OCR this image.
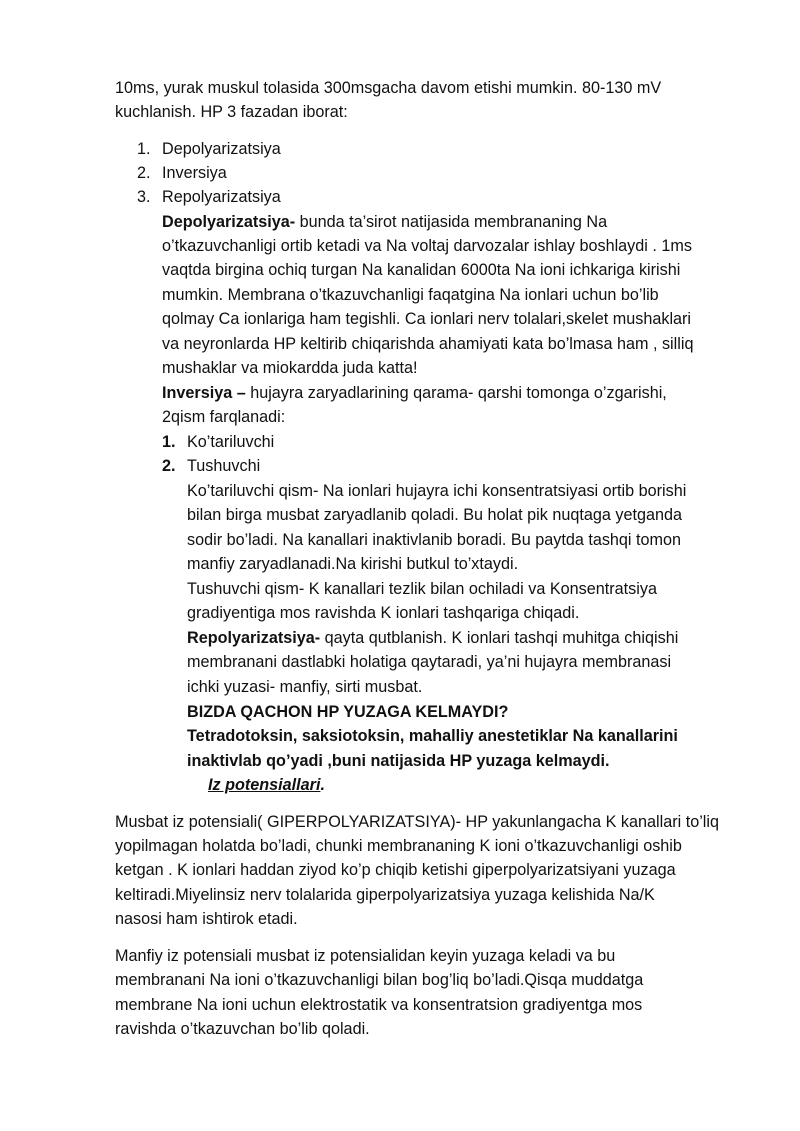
10ms, yurak muskul tolasida 300msgacha davom etishi mumkin. 80-130 mV
kuchlanish. HP 3 fazadan iborat:
1. Depolyarizatsiya
2. Inversiya
3. Repolyarizatsiya
Depolyarizatsiya- bunda ta’sirot natijasida membrananing Na
o’tkazuvchanligi ortib ketadi va Na voltaj darvozalar ishlay boshlaydi . 1ms
vaqtda birgina ochiq turgan Na kanalidan 6000ta Na ioni ichkariga kirishi
mumkin. Membrana o’tkazuvchanligi faqatgina Na ionlari uchun bo’lib
qolmay Ca ionlariga ham tegishli. Ca ionlari nerv tolalari,skelet mushaklari
va neyronlarda HP keltirib chiqarishda ahamiyati kata bo’lmasa ham , silliq
mushaklar va miokardda juda katta!
Inversiya – hujayra zaryadlarining qarama- qarshi tomonga o’zgarishi,
2qism farqlanadi:
1. Ko’tariluvchi
2. Tushuvchi
Ko’tariluvchi qism- Na ionlari hujayra ichi konsentratsiyasi ortib borishi
bilan birga musbat zaryadlanib qoladi. Bu holat pik nuqtaga yetganda
sodir bo’ladi. Na kanallari inaktivlanib boradi. Bu paytda tashqi tomon
manfiy zaryadlanadi.Na kirishi butkul to’xtaydi.
Tushuvchi qism- K kanallari tezlik bilan ochiladi va Konsentratsiya
gradiyentiga mos ravishda K ionlari tashqariga chiqadi.
Repolyarizatsiya- qayta qutblanish. K ionlari tashqi muhitga chiqishi
membranani dastlabki holatiga qaytaradi, ya’ni hujayra membranasi
ichki yuzasi- manfiy, sirti musbat.
BIZDA QACHON HP YUZAGA KELMAYDI?
Tetradotoksin, saksiotoksin, mahalliy anestetiklar Na kanallarini
inaktivlab qo’yadi ,buni natijasida HP yuzaga kelmaydi.
Iz potensiallari.
Musbat iz potensiali( GIPERPOLYARIZATSIYA)- HP yakunlangacha K kanallari to’liq
yopilmagan holatda bo’ladi, chunki membrananing K ioni o’tkazuvchanligi oshib
ketgan . K ionlari haddan ziyod ko’p chiqib ketishi giperpolyarizatsiyani yuzaga
keltiradi.Miyelinsiz nerv tolalarida giperpolyarizatsiya yuzaga kelishida Na/K
nasosi ham ishtirok etadi.
Manfiy iz potensiali musbat iz potensialidan keyin yuzaga keladi va bu
membranani Na ioni o’tkazuvchanligi bilan bog’liq bo’ladi.Qisqa muddatga
membrane Na ioni uchun elektrostatik va konsentratsion gradiyentga mos
ravishda o’tkazuvchan bo’lib qoladi.
